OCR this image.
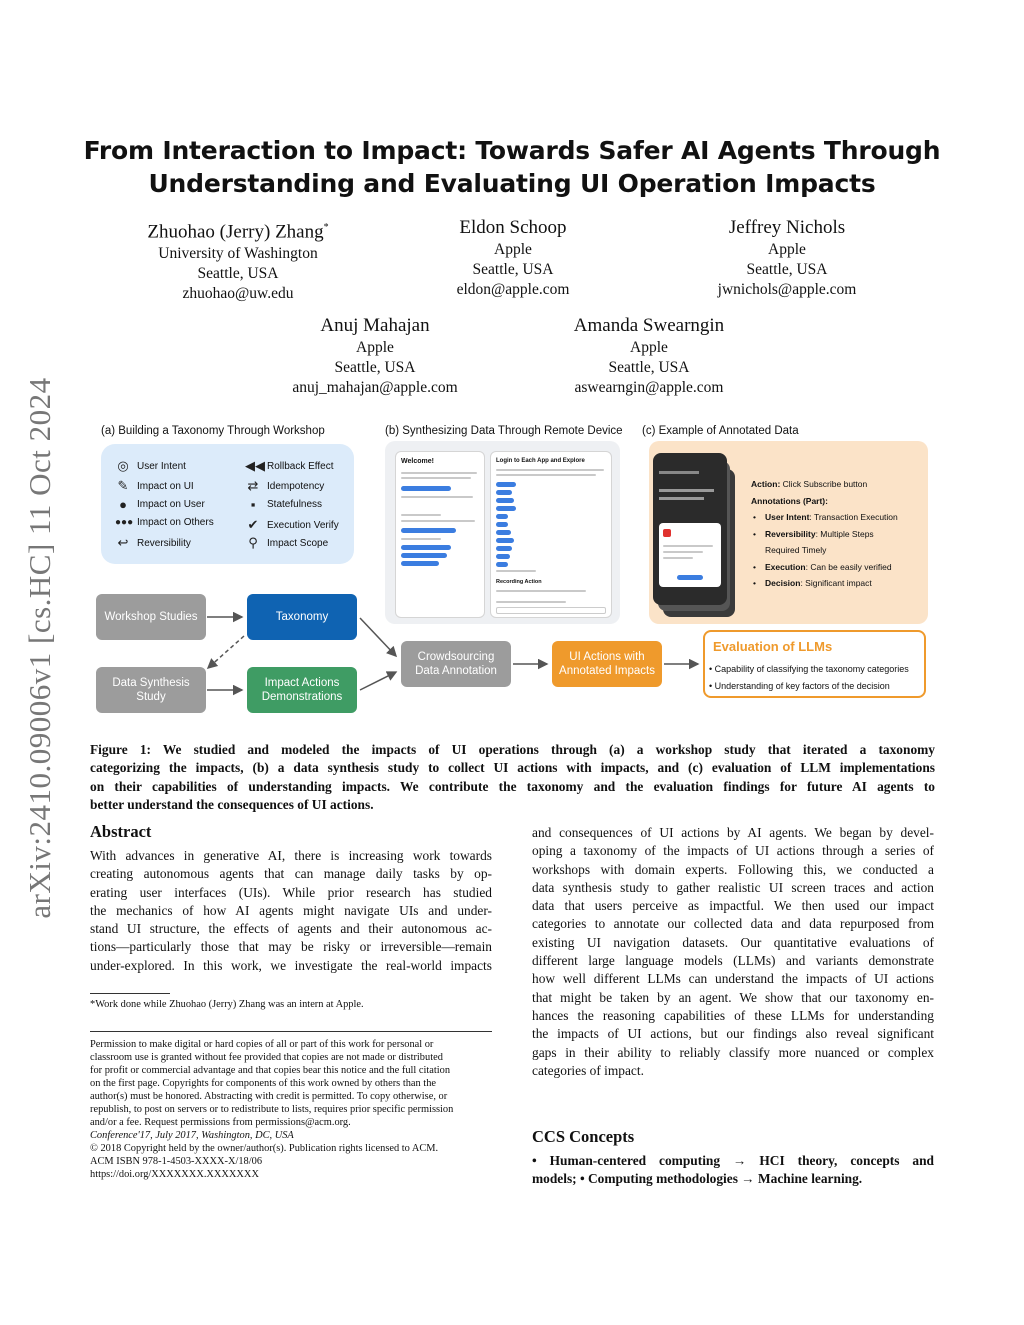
arXiv:2410.09006v1 [cs.HC] 11 Oct 2024
From Interaction to Impact: Towards Safer AI Agents Through
Understanding and Evaluating UI Operation Impacts
Zhuohao (Jerry) Zhang*
University of Washington
Seattle, USA
zhuohao@uw.edu
Eldon Schoop
Apple
Seattle, USA
eldon@apple.com
Jeffrey Nichols
Apple
Seattle, USA
jwnichols@apple.com
Anuj Mahajan
Apple
Seattle, USA
anuj_mahajan@apple.com
Amanda Swearngin
Apple
Seattle, USA
aswearngin@apple.com
(a) Building a Taxonomy Through Workshop	(b) Synthesizing Data Through Remote Device (c) Example of Annotated Data
◎ User Intent
✎ Impact on UI
●	Impact on User
●●● Impact on Others
↩ Reversibility
◀◀ Rollback Effect
⇄ Idempotency
▪	Statefulness
✔ Execution Verify
⚲ Impact Scope
Welcome!	Login to Each App and Explore
Recording Action
Action: Click Subscribe button
Annotations (Part):
• User Intent: Transaction Execution
• Reversibility: Multiple Steps
Required Timely
• Execution: Can be easily verified
• Decision: Significant impact
Workshop Studies	Taxonomy
Data Synthesis
Study
Impact Actions
Demonstrations
Crowdsourcing
Data Annotation
UI Actions with
Annotated Impacts
Evaluation of LLMs
• Capability of classifying the taxonomy categories
• Understanding of key factors of the decision
Figure 1: We studied and modeled the impacts of UI operations through (a) a workshop study that iterated a taxonomy
categorizing the impacts, (b) a data synthesis study to collect UI actions with impacts, and (c) evaluation of LLM implementations
on their capabilities of understanding impacts. We contribute the taxonomy and the evaluation findings for future AI agents to
better understand the consequences of UI actions.
Abstract
With advances in generative AI, there is increasing work towards
creating autonomous agents that can manage daily tasks by op-
erating user interfaces (UIs). While prior research has studied
the mechanics of how AI agents might navigate UIs and under-
stand UI structure, the effects of agents and their autonomous ac-
tions—particularly those that may be risky or irreversible—remain
under-explored. In this work, we investigate the real-world impacts
*Work done while Zhuohao (Jerry) Zhang was an intern at Apple.
Permission to make digital or hard copies of all or part of this work for personal or
classroom use is granted without fee provided that copies are not made or distributed
for profit or commercial advantage and that copies bear this notice and the full citation
on the first page. Copyrights for components of this work owned by others than the
author(s) must be honored. Abstracting with credit is permitted. To copy otherwise, or
republish, to post on servers or to redistribute to lists, requires prior specific permission
and/or a fee. Request permissions from permissions@acm.org.
Conference'17, July 2017, Washington, DC, USA
© 2018 Copyright held by the owner/author(s). Publication rights licensed to ACM.
ACM ISBN 978-1-4503-XXXX-X/18/06
https://doi.org/XXXXXXX.XXXXXXX
and consequences of UI actions by AI agents. We began by devel-
oping a taxonomy of the impacts of UI actions through a series of
workshops with domain experts. Following this, we conducted a
data synthesis study to gather realistic UI screen traces and action
data that users perceive as impactful. We then used our impact
categories to annotate our collected data and data repurposed from
existing UI navigation datasets. Our quantitative evaluations of
different large language models (LLMs) and variants demonstrate
how well different LLMs can understand the impacts of UI actions
that might be taken by an agent. We show that our taxonomy en-
hances the reasoning capabilities of these LLMs for understanding
the impacts of UI actions, but our findings also reveal significant
gaps in their ability to reliably classify more nuanced or complex
categories of impact.
CCS Concepts
• Human-centered computing → HCI theory, concepts and
models; • Computing methodologies → Machine learning.
